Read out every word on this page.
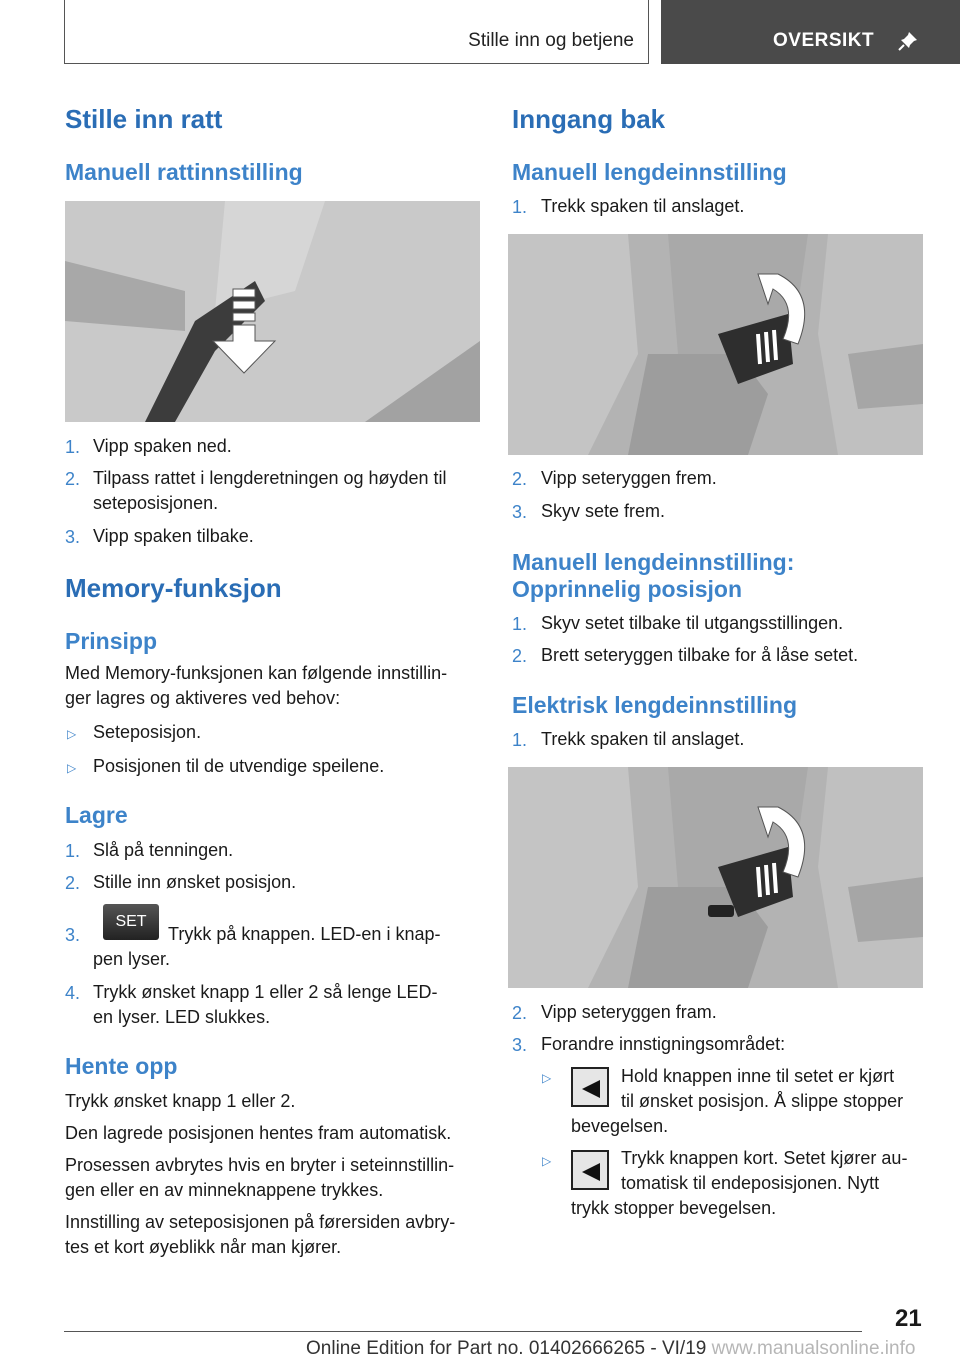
Stille inn og betjene	OVERSIKT
Stille inn ratt
Manuell rattinnstilling
1. Vipp spaken ned.
2. Tilpass rattet i lengderetningen og høyden til
seteposisjonen.
3. Vipp spaken tilbake.
Memory-funksjon
Prinsipp
Med Memory-funksjonen kan følgende innstillin-
ger lagres og aktiveres ved behov:
▷ Seteposisjon.
▷ Posisjonen til de utvendige speilene.
Lagre
1. Slå på tenningen.
2. Stille inn ønsket posisjon.
3.
SET
Trykk på knappen. LED-en i knap-
pen lyser.
4. Trykk ønsket knapp 1 eller 2 så lenge LED-
en lyser. LED slukkes.
Hente opp
Trykk ønsket knapp 1 eller 2.
Den lagrede posisjonen hentes fram automatisk.
Prosessen avbrytes hvis en bryter i seteinnstillin-
gen eller en av minneknappene trykkes.
Innstilling av seteposisjonen på førersiden avbry-
tes et kort øyeblikk når man kjører.
Inngang bak
Manuell lengdeinnstilling
1. Trekk spaken til anslaget.
2. Vipp seteryggen frem.
3. Skyv sete frem.
Manuell lengdeinnstilling:
Opprinnelig posisjon
1. Skyv setet tilbake til utgangsstillingen.
2. Brett seteryggen tilbake for å låse setet.
Elektrisk lengdeinnstilling
1. Trekk spaken til anslaget.
2. Vipp seteryggen fram.
3. Forandre innstigningsområdet:
▷	Hold knappen inne til setet er kjørt
til ønsket posisjon. Å slippe stopper
bevegelsen.
▷	Trykk knappen kort. Setet kjører au-
tomatisk til endeposisjonen. Nytt
trykk stopper bevegelsen.
21
Online Edition for Part no. 01402666265 - VI/19 www.manualsonline.info
